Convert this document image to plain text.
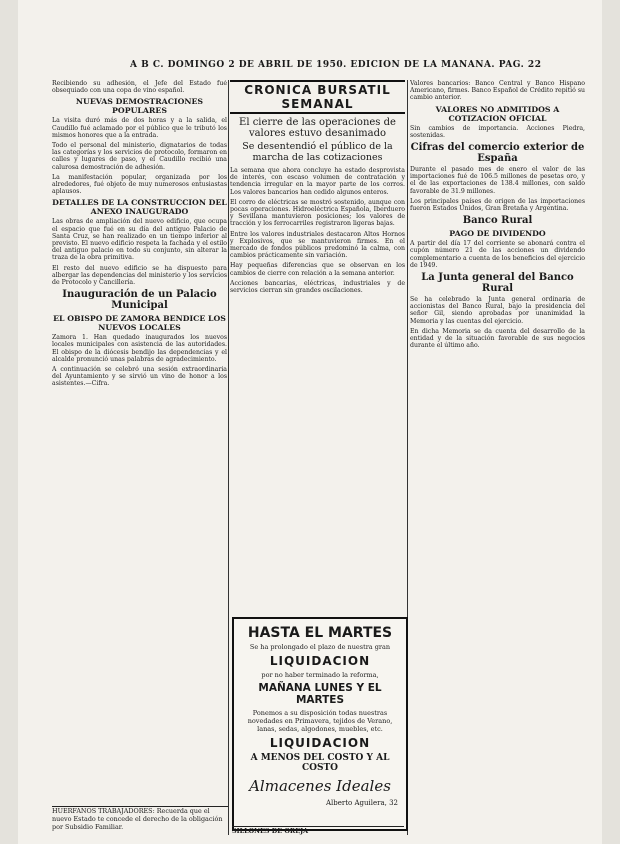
A B C. DOMINGO 2 DE ABRIL DE 1950. EDICION DE LA MAÑANA. PAG. 22

Recibiendo su adhesión, el Jefe del Estado fué obsequiado con una copa de vino español.

NUEVAS DEMOSTRACIONES POPULARES

La visita duró más de dos horas y a la salida, el Caudillo fué aclamado por el público que le tributó los mismos honores que a la entrada.

Todo el personal del ministerio, dignatarios de todas las categorías y los servicios de protocolo, formaron en calles y lugares de paso, y el Caudillo recibió una calurosa demostración de adhesión.

La manifestación popular, organizada por los alrededores, fué objeto de muy numerosos entusiastas aplausos.

DETALLES DE LA CONSTRUCCION DEL ANEXO INAUGURADO

Las obras de ampliación del nuevo edificio, que ocupa el espacio que fué en su día del antiguo Palacio de Santa Cruz, se han realizado en un tiempo inferior al previsto. El nuevo edificio respeta la fachada y el estilo del antiguo palacio en todo su conjunto, sin alterar la traza de la obra primitiva.

El resto del nuevo edificio se ha dispuesto para albergar las dependencias del ministerio y los servicios de Protocolo y Cancillería.

Inauguración de un Palacio Municipal
EL OBISPO DE ZAMORA BENDICE LOS NUEVOS LOCALES

Zamora 1. Han quedado inaugurados los nuevos locales municipales con asistencia de las autoridades. El obispo de la diócesis bendijo las dependencias y el alcalde pronunció unas palabras de agradecimiento.

A continuación se celebró una sesión extraordinaria del Ayuntamiento y se sirvió un vino de honor a los asistentes.—Cifra.

HUERFANOS TRABAJADORES: Recuerda que el nuevo Estado te concede el derecho de la obligación por Subsidio Familiar.
CRONICA BURSATIL SEMANAL
El cierre de las operaciones de valores estuvo desanimado
Se desentendió el público de la marcha de las cotizaciones

La semana que ahora concluye ha estado desprovista de interés, con escaso volumen de contratación y tendencia irregular en la mayor parte de los corros. Los valores bancarios han cedido algunos enteros.

El corro de eléctricas se mostró sostenido, aunque con pocas operaciones. Hidroeléctrica Española, Iberduero y Sevillana mantuvieron posiciones; los valores de tracción y los ferrocarriles registraron ligeras bajas.

Entre los valores industriales destacaron Altos Hornos y Explosivos, que se mantuvieron firmes. En el mercado de fondos públicos predominó la calma, con cambios prácticamente sin variación.

Hay pequeñas diferencias que se observan en los cambios de cierre con relación a la semana anterior.

Acciones bancarias, eléctricas, industriales y de servicios cierran sin grandes oscilaciones.

HASTA EL MARTES
Se ha prolongado el plazo de nuestra gran
LIQUIDACION
por no haber terminado la reforma,
MAÑANA LUNES Y EL MARTES
Ponemos a su disposición todas nuestras novedades en Primavera, tejidos de Verano, lanas, sedas, algodones, muebles, etc.
LIQUIDACION
A MENOS DEL COSTO Y AL COSTO
Almacenes Ideales
Alberto Aguilera, 32
SILLONES DE OREJA

Valores bancarios: Banco Central y Banco Hispano Americano, firmes. Banco Español de Crédito repitió su cambio anterior.

VALORES NO ADMITIDOS A COTIZACION OFICIAL

Sin cambios de importancia. Acciones Piedra, sostenidas.

Cifras del comercio exterior de España

Durante el pasado mes de enero el valor de las importaciones fué de 106.5 millones de pesetas oro, y el de las exportaciones de 138.4 millones, con saldo favorable de 31.9 millones.

Los principales países de origen de las importaciones fueron Estados Unidos, Gran Bretaña y Argentina.

Banco Rural
PAGO DE DIVIDENDO

A partir del día 17 del corriente se abonará contra el cupón número 21 de las acciones un dividendo complementario a cuenta de los beneficios del ejercicio de 1949.

La Junta general del Banco Rural

Se ha celebrado la Junta general ordinaria de accionistas del Banco Rural, bajo la presidencia del señor Gil, siendo aprobadas por unanimidad la Memoria y las cuentas del ejercicio.

En dicha Memoria se da cuenta del desarrollo de la entidad y de la situación favorable de sus negocios durante el último año.
